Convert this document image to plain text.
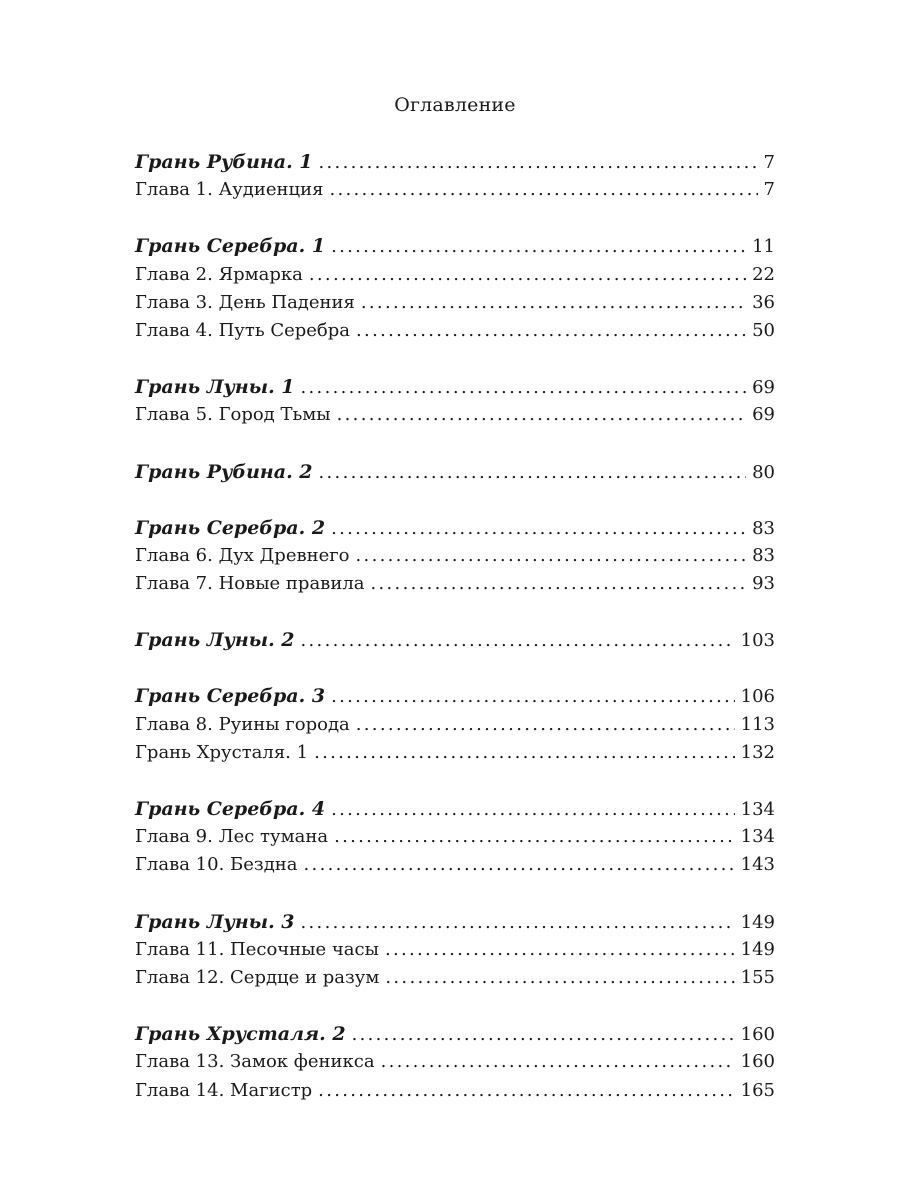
Оглавление
Грань Рубина. 1 .....	7
Глава 1. Аудиенция .....	7
Грань Серебра. 1 .....	11
Глава 2. Ярмарка .....	22
Глава 3. День Падения .....	36
Глава 4. Путь Серебра .....	50
Грань Луны. 1 .....	69
Глава 5. Город Тьмы .....	69
Грань Рубина. 2 .....	80
Грань Серебра. 2 .....	83
Глава 6. Дух Древнего .....	83
Глава 7. Новые правила .....	93
Грань Луны. 2 .....	103
Грань Серебра. 3 .....	106
Глава 8. Руины города .....	113
Грань Хрусталя. 1 .....	132
Грань Серебра. 4 .....	134
Глава 9. Лес тумана .....	134
Глава 10. Бездна .....	143
Грань Луны. 3 .....	149
Глава 11. Песочные часы .....	149
Глава 12. Сердце и разум .....	155
Грань Хрусталя. 2 .....	160
Глава 13. Замок феникса .....	160
Глава 14. Магистр .....	165
